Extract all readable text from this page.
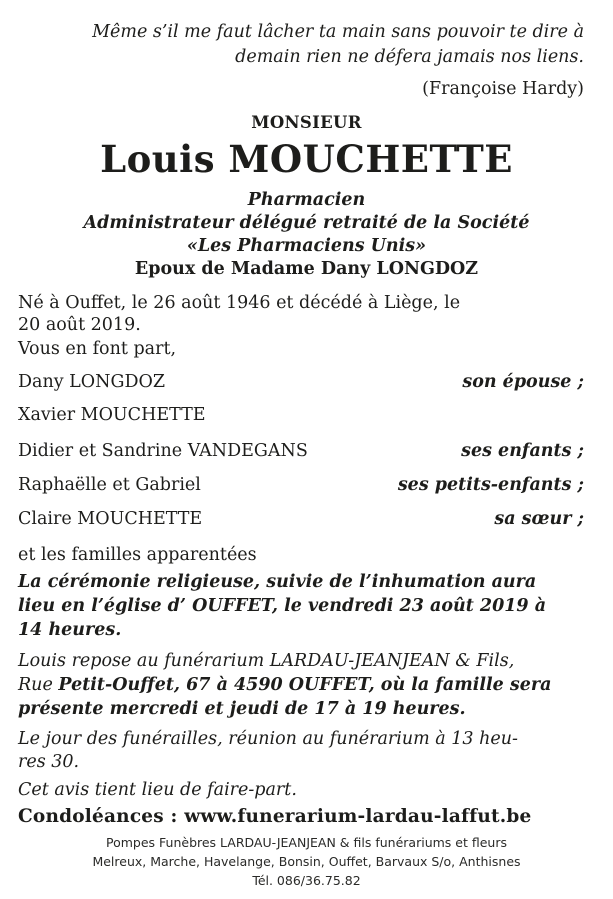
Même s’il me faut lâcher ta main sans pouvoir te dire à
demain rien ne défera jamais nos liens.
(Françoise Hardy)
MONSIEUR
Louis MOUCHETTE
Pharmacien
Administrateur délégué retraité de la Société
«Les Pharmaciens Unis»
Epoux de Madame Dany LONGDOZ
Né à Ouffet, le 26 août 1946 et décédé à Liège, le
20 août 2019.
Vous en font part,
Dany LONGDOZ	son épouse ;
Xavier MOUCHETTE
Didier et Sandrine VANDEGANS	ses enfants ;
Raphaëlle et Gabriel	ses petits-enfants ;
Claire MOUCHETTE	sa sœur ;
et les familles apparentées
La cérémonie religieuse, suivie de l’inhumation aura
lieu en l’église d’ OUFFET, le vendredi 23 août 2019 à
14 heures.
Louis repose au funérarium LARDAU-JEANJEAN & Fils,
Rue Petit-Ouffet, 67 à 4590 OUFFET, où la famille sera
présente mercredi et jeudi de 17 à 19 heures.
Le jour des funérailles, réunion au funérarium à 13 heu-
res 30.
Cet avis tient lieu de faire-part.
Condoléances : www.funerarium-lardau-laffut.be
Pompes Funèbres LARDAU-JEANJEAN & fils funérariums et fleurs
Melreux, Marche, Havelange, Bonsin, Ouffet, Barvaux S/o, Anthisnes
Tél. 086/36.75.82
